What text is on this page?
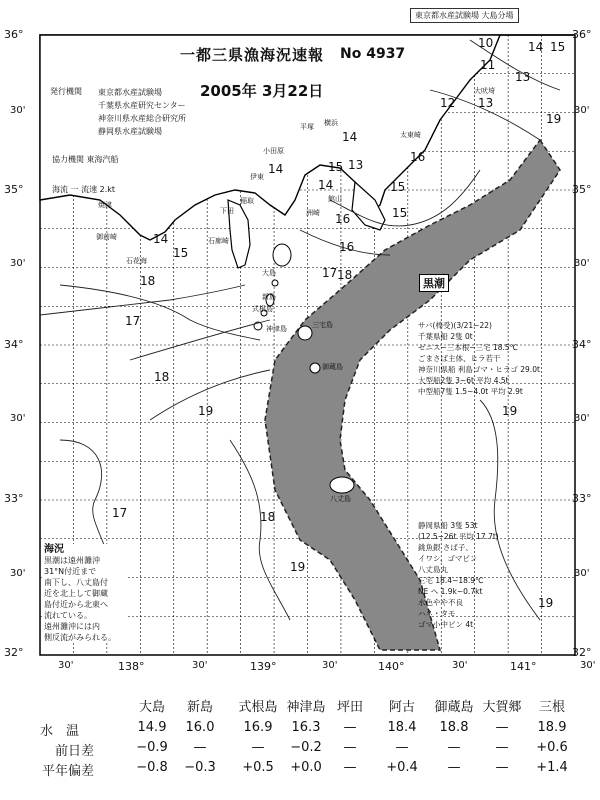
東京都水産試験場 大島分場
一都三県漁海況速報 No 4937
2005年 3月22日
発行機関 東京都水産試験場
千葉県水産研究センター
神奈川県水産総合研究所
静岡県水産試験場
協力機関 東海汽船
海流 一 流速 2.kt
36°
30'
35°
30'
34°
30'
33°
30'
32°
36°
30'
35°
30'
34°
30'
33°
30'
32°
30'	138°	30'	139°	30'	140°	30'	141°	30'
10	14 15
11
13
12 13
19
14
16
14	15 13
14	15
16	15
14
15
18
16
17 18
17
18
19
17	18
19
19
19
平塚 横浜
小田原
伊東
稲取
下田
石廊崎
大島
新島
式根島
神津島	三宅島
御蔵島
八丈島
大吠埼
太東崎
館山
洲崎
焼津
御前崎
石花海
黒潮
サバ(棒受)(3/21~22)
千葉県船 2隻 0t
ゼニス~三本根~三宅 18.5℃
ごまさば主体、ヒラ若干
神奈川県船 利島ゴマ・ヒラゴ 29.0t
大型船2隻 3~6t 平均 4.5t
中型船7隻 1.5~4.0t 平均 2.9t
静岡県船 3隻 53t
(12.5~26t 平均 17.7t)
銚魚銀 さば子、
イワシ、ゴマビン
八丈島丸
三宅 18.4~18.9℃
NE へ 1.9k~0.7kt
水色やや不良
ハネ・タモ
ゴマ小中ビン 4t
海況
黒潮は遠州灘沖
31°N付近まで
南下し、八丈島付
近を北上して御蔵
島付近から北東へ
流れている。
遠州灘沖には内
側反流がみられる。
大島	新島	式根島 神津島 坪田	阿古	御蔵島 大賀郷	三根
水　温	14.9	16.0	16.9	16.3	—	18.4	18.8	—	18.9
前日差	−0.9	—	—	−0.2	—	—	—	—	+0.6
平年偏差	−0.8	−0.3	+0.5	+0.0	—	+0.4	—	—	+1.4
